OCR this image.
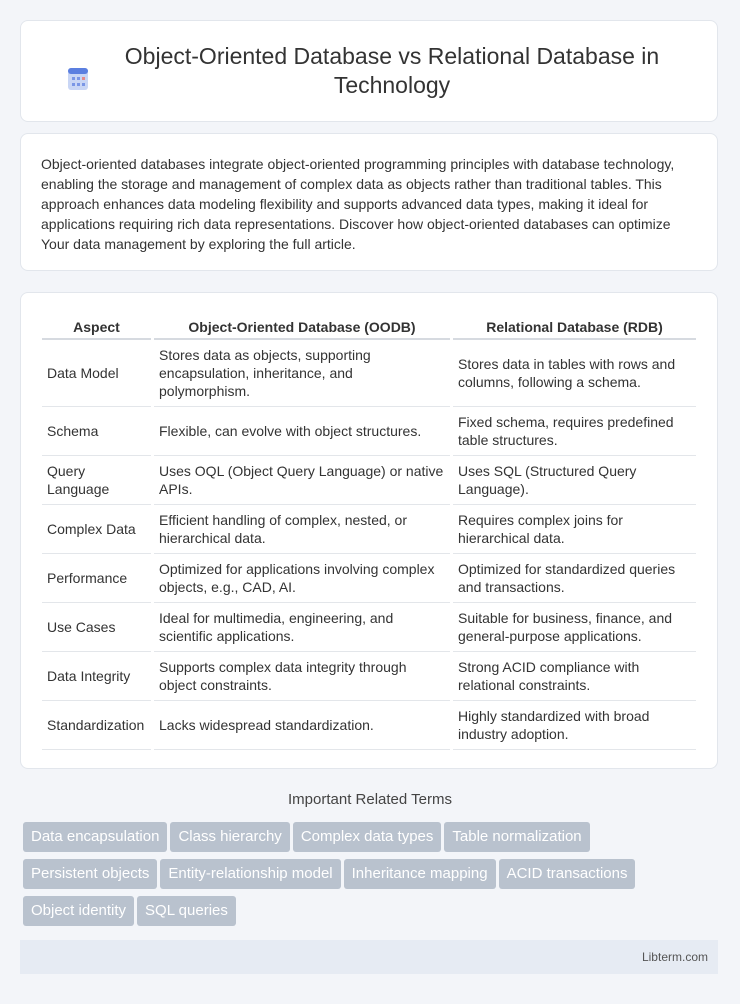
Object-Oriented Database vs Relational Database in Technology
Object-oriented databases integrate object-oriented programming principles with database technology, enabling the storage and management of complex data as objects rather than traditional tables. This approach enhances data modeling flexibility and supports advanced data types, making it ideal for applications requiring rich data representations. Discover how object-oriented databases can optimize Your data management by exploring the full article.
Aspect	Object-Oriented Database (OODB)	Relational Database (RDB)
Data Model	Stores data as objects, supporting encapsulation, inheritance, and polymorphism.	Stores data in tables with rows and columns, following a schema.
Schema	Flexible, can evolve with object structures.	Fixed schema, requires predefined table structures.
Query Language	Uses OQL (Object Query Language) or native APIs.	Uses SQL (Structured Query Language).
Complex Data	Efficient handling of complex, nested, or hierarchical data.	Requires complex joins for hierarchical data.
Performance	Optimized for applications involving complex objects, e.g., CAD, AI.	Optimized for standardized queries and transactions.
Use Cases	Ideal for multimedia, engineering, and scientific applications.	Suitable for business, finance, and general-purpose applications.
Data Integrity	Supports complex data integrity through object constraints.	Strong ACID compliance with relational constraints.
Standardization	Lacks widespread standardization.	Highly standardized with broad industry adoption.
Important Related Terms
Data encapsulation Class hierarchy Complex data types Table normalizationPersistent objects Entity-relationship model Inheritance mapping ACID transactionsObject identity SQL queries
Libterm.com
